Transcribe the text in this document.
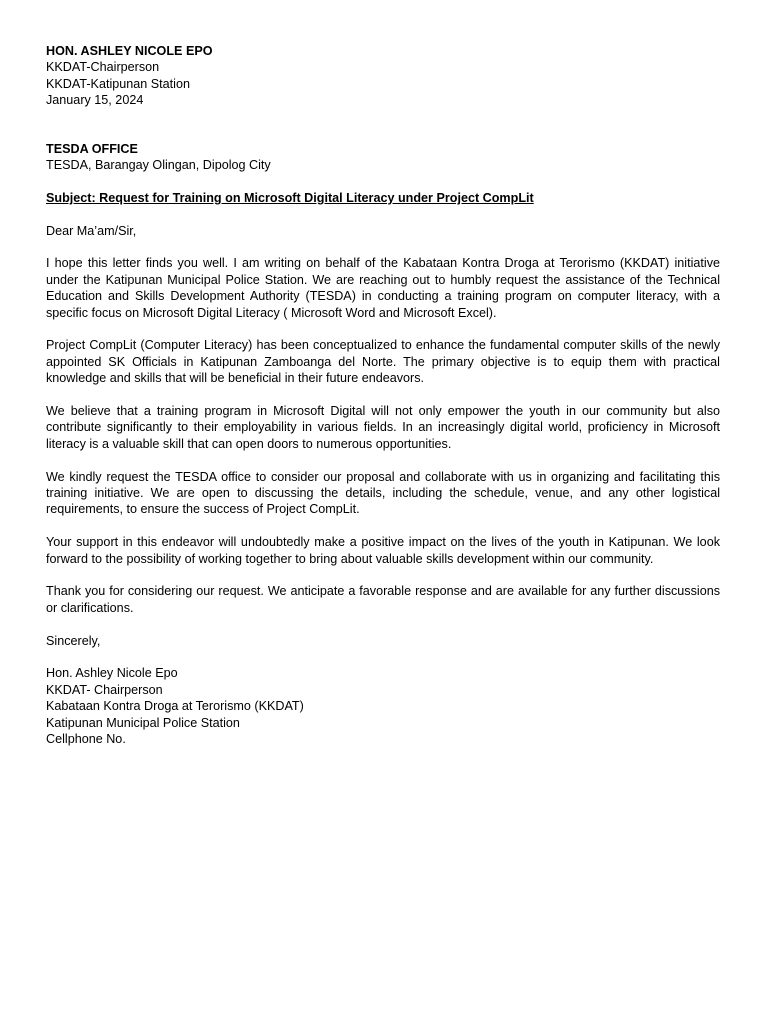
HON. ASHLEY NICOLE EPO
KKDAT-Chairperson
KKDAT-Katipunan Station
January 15, 2024
TESDA OFFICE
TESDA, Barangay Olingan, Dipolog City
Subject: Request for Training on Microsoft Digital Literacy under Project CompLit
Dear Ma’am/Sir,

I hope this letter finds you well. I am writing on behalf of the Kabataan Kontra Droga at Terorismo (KKDAT) initiative under the Katipunan Municipal Police Station. We are reaching out to humbly request the assistance of the Technical Education and Skills Development Authority (TESDA) in conducting a training program on computer literacy, with a specific focus on Microsoft Digital Literacy ( Microsoft Word and Microsoft Excel).

Project CompLit (Computer Literacy) has been conceptualized to enhance the fundamental computer skills of the newly appointed SK Officials in Katipunan Zamboanga del Norte. The primary objective is to equip them with practical knowledge and skills that will be beneficial in their future endeavors.

We believe that a training program in Microsoft Digital will not only empower the youth in our community but also contribute significantly to their employability in various fields. In an increasingly digital world, proficiency in Microsoft literacy is a valuable skill that can open doors to numerous opportunities.

We kindly request the TESDA office to consider our proposal and collaborate with us in organizing and facilitating this training initiative. We are open to discussing the details, including the schedule, venue, and any other logistical requirements, to ensure the success of Project CompLit.

Your support in this endeavor will undoubtedly make a positive impact on the lives of the youth in Katipunan. We look forward to the possibility of working together to bring about valuable skills development within our community.

Thank you for considering our request. We anticipate a favorable response and are available for any further discussions or clarifications.

Sincerely,
Hon. Ashley Nicole Epo
KKDAT- Chairperson
Kabataan Kontra Droga at Terorismo (KKDAT)
Katipunan Municipal Police Station
Cellphone No.
